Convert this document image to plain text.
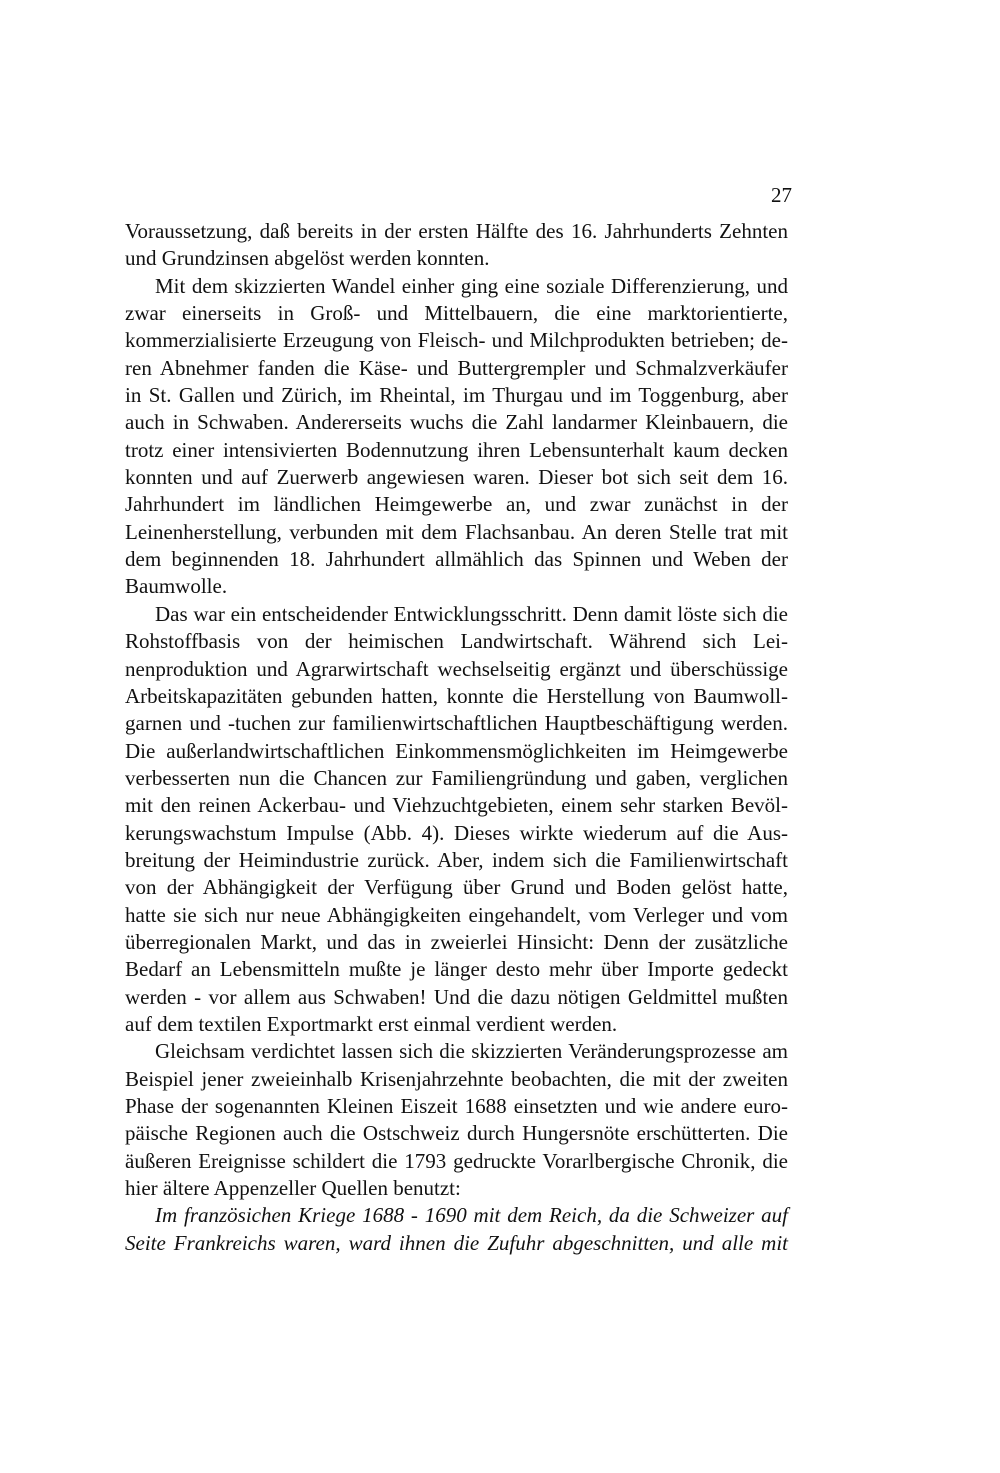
27
Voraussetzung, daß bereits in der ersten Hälfte des 16. Jahrhunderts Zehnten
und Grundzinsen abgelöst werden konnten.
Mit dem skizzierten Wandel einher ging eine soziale Differenzierung, und
zwar einerseits in Groß- und Mittelbauern, die eine marktorientierte,
kommerzialisierte Erzeugung von Fleisch- und Milchprodukten betrieben; de-
ren Abnehmer fanden die Käse- und Buttergrempler und Schmalzverkäufer
in St. Gallen und Zürich, im Rheintal, im Thurgau und im Toggenburg, aber
auch in Schwaben. Andererseits wuchs die Zahl landarmer Kleinbauern, die
trotz einer intensivierten Bodennutzung ihren Lebensunterhalt kaum decken
konnten und auf Zuerwerb angewiesen waren. Dieser bot sich seit dem 16.
Jahrhundert im ländlichen Heimgewerbe an, und zwar zunächst in der
Leinenherstellung, verbunden mit dem Flachsanbau. An deren Stelle trat mit
dem beginnenden 18. Jahrhundert allmählich das Spinnen und Weben der
Baumwolle.
Das war ein entscheidender Entwicklungsschritt. Denn damit löste sich die
Rohstoffbasis von der heimischen Landwirtschaft. Während sich Lei-
nenproduktion und Agrarwirtschaft wechselseitig ergänzt und überschüssige
Arbeitskapazitäten gebunden hatten, konnte die Herstellung von Baumwoll-
garnen und -tuchen zur familienwirtschaftlichen Hauptbeschäftigung werden.
Die außerlandwirtschaftlichen Einkommensmöglichkeiten im Heimgewerbe
verbesserten nun die Chancen zur Familiengründung und gaben, verglichen
mit den reinen Ackerbau- und Viehzuchtgebieten, einem sehr starken Bevöl-
kerungswachstum Impulse (Abb. 4). Dieses wirkte wiederum auf die Aus-
breitung der Heimindustrie zurück. Aber, indem sich die Familienwirtschaft
von der Abhängigkeit der Verfügung über Grund und Boden gelöst hatte,
hatte sie sich nur neue Abhängigkeiten eingehandelt, vom Verleger und vom
überregionalen Markt, und das in zweierlei Hinsicht: Denn der zusätzliche
Bedarf an Lebensmitteln mußte je länger desto mehr über Importe gedeckt
werden - vor allem aus Schwaben! Und die dazu nötigen Geldmittel mußten
auf dem textilen Exportmarkt erst einmal verdient werden.
Gleichsam verdichtet lassen sich die skizzierten Veränderungsprozesse am
Beispiel jener zweieinhalb Krisenjahrzehnte beobachten, die mit der zweiten
Phase der sogenannten Kleinen Eiszeit 1688 einsetzten und wie andere euro-
päische Regionen auch die Ostschweiz durch Hungersnöte erschütterten. Die
äußeren Ereignisse schildert die 1793 gedruckte Vorarlbergische Chronik, die
hier ältere Appenzeller Quellen benutzt:
Im französichen Kriege 1688 - 1690 mit dem Reich, da die Schweizer auf
Seite Frankreichs waren, ward ihnen die Zufuhr abgeschnitten, und alle mit
